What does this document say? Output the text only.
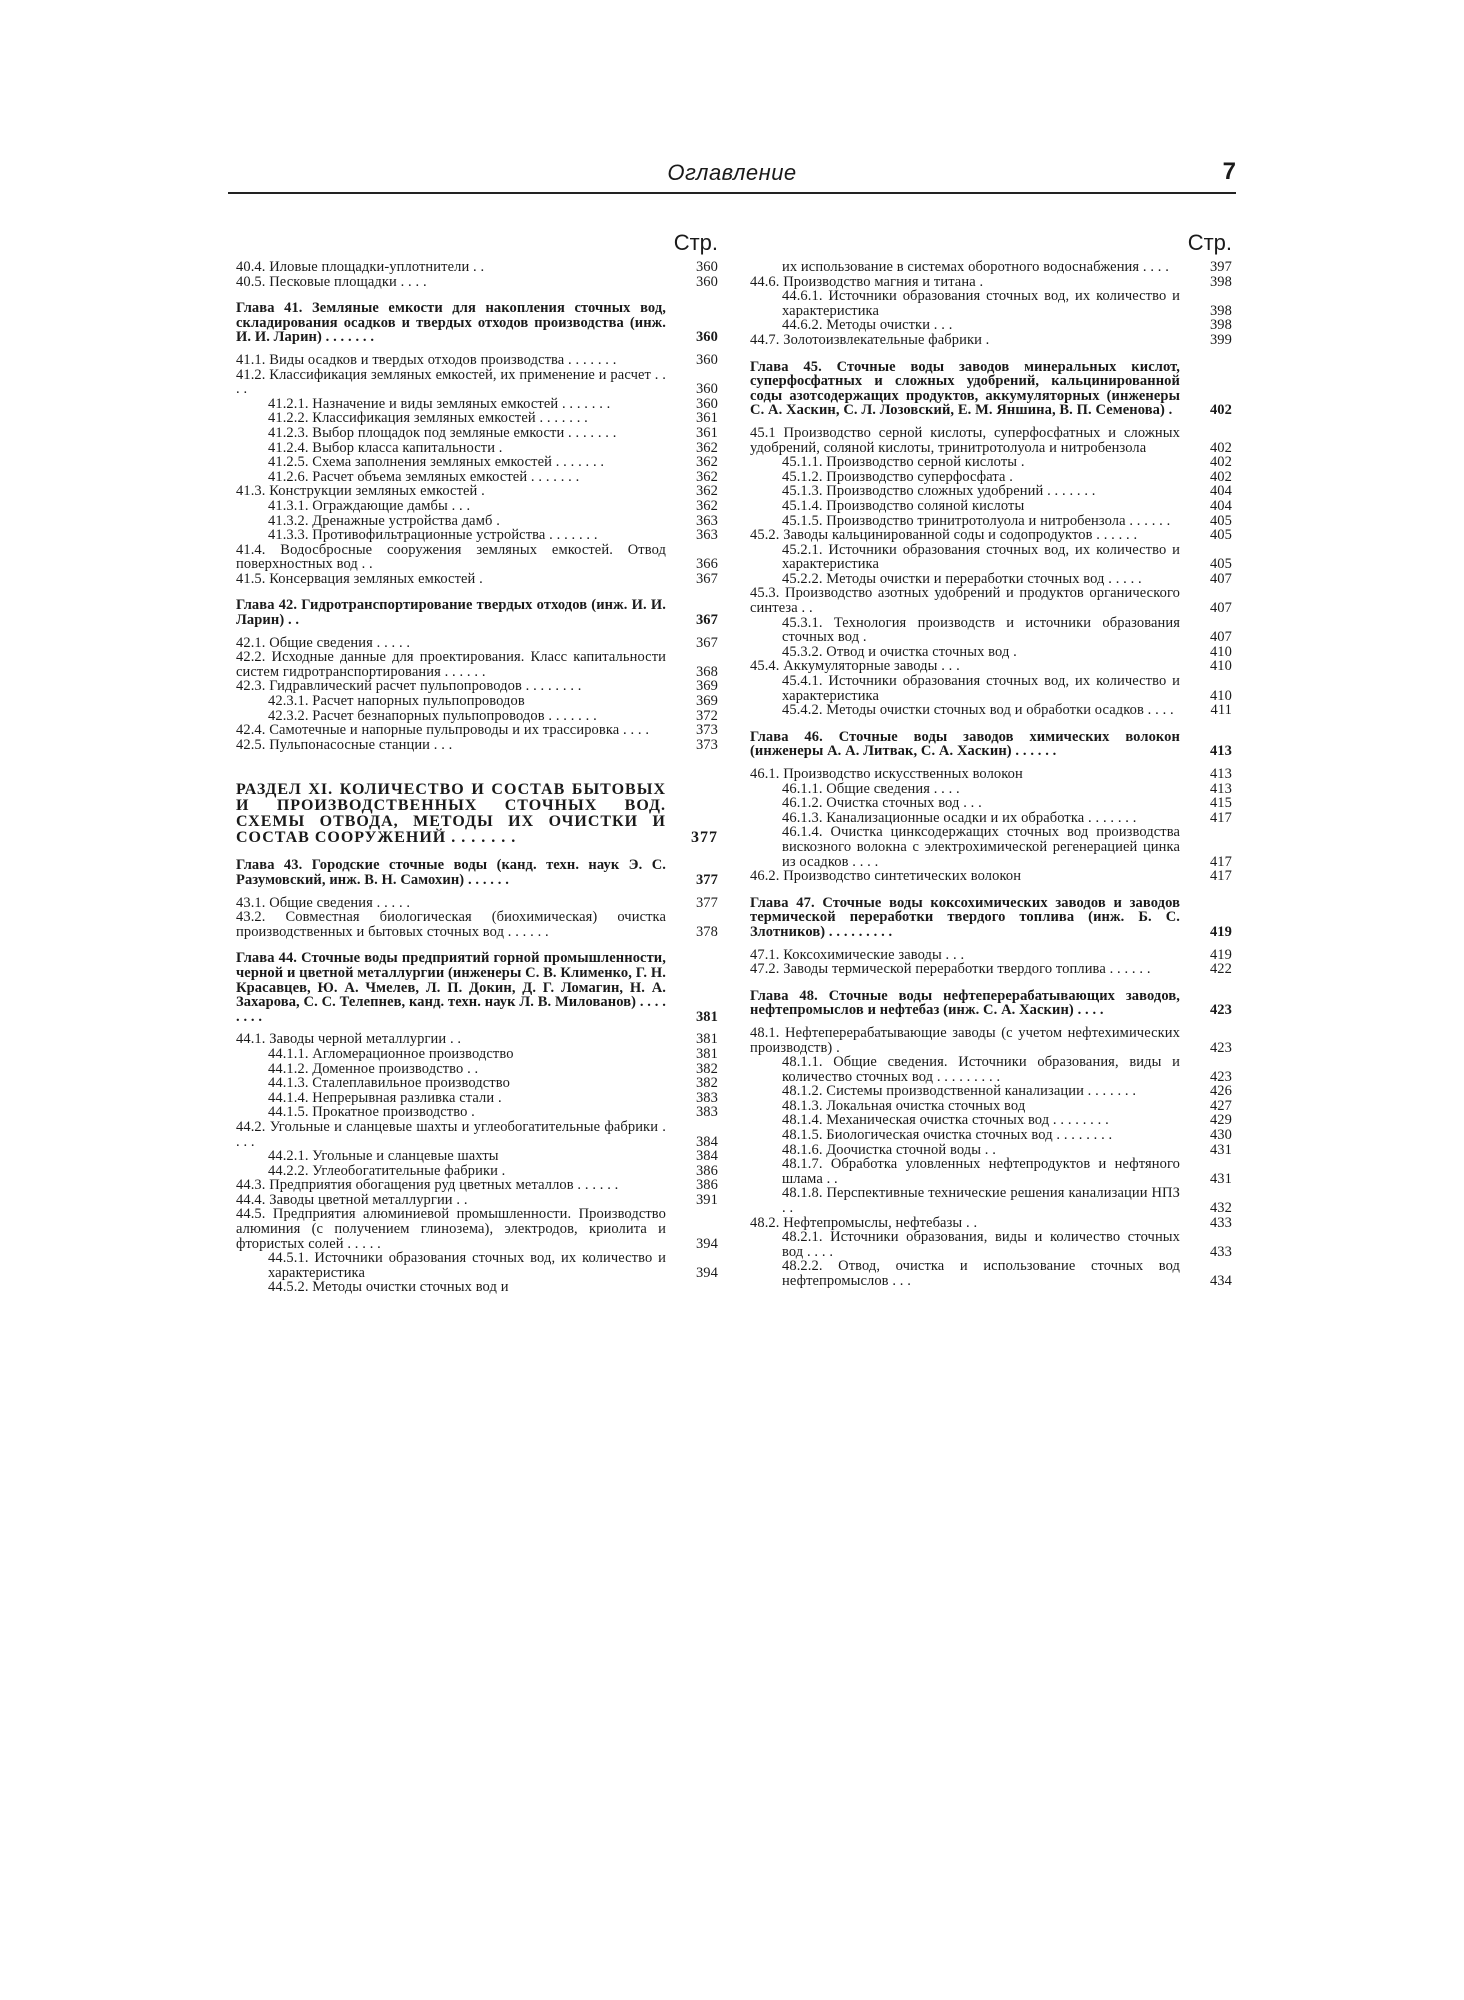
Оглавление	7
Стр.
40.4. Иловые площадки-уплотнители . .	360
40.5. Песковые площадки . . . .	360
Глава 41. Земляные емкости для накопления сточных вод, складирования осадков и твердых отходов производства (инж. И. И. Ларин) . . . . . . .	360
41.1. Виды осадков и твердых отходов производства . . . . . . .	360
41.2. Классификация земляных емкостей, их применение и расчет . . . .	360
41.2.1. Назначение и виды земляных емкостей . . . . . . .	360
41.2.2. Классификация земляных емкостей . . . . . . .	361
41.2.3. Выбор площадок под земляные емкости . . . . . . .	361
41.2.4. Выбор класса капитальности .	362
41.2.5. Схема заполнения земляных емкостей . . . . . . .	362
41.2.6. Расчет объема земляных емкостей . . . . . . .	362
41.3. Конструкции земляных емкостей .	362
41.3.1. Ограждающие дамбы . . .	362
41.3.2. Дренажные устройства дамб .	363
41.3.3. Противофильтрационные устройства . . . . . . .	363
41.4. Водосбросные сооружения земляных емкостей. Отвод поверхностных вод . .	366
41.5. Консервация земляных емкостей .	367
Глава 42. Гидротранспортирование твердых отходов (инж. И. И. Ларин) . .	367
42.1. Общие сведения . . . . .	367
42.2. Исходные данные для проектирования. Класс капитальности систем гидротранспортирования . . . . . .	368
42.3. Гидравлический расчет пульпопроводов . . . . . . . .	369
42.3.1. Расчет напорных пульпопроводов	369
42.3.2. Расчет безнапорных пульпопроводов . . . . . . .	372
42.4. Самотечные и напорные пульпроводы и их трассировка . . . .	373
42.5. Пульпонасосные станции . . .	373
РАЗДЕЛ XI. КОЛИЧЕСТВО И СОСТАВ БЫТОВЫХ И ПРОИЗВОДСТВЕННЫХ СТОЧНЫХ ВОД. СХЕМЫ ОТВОДА, МЕТОДЫ ИХ ОЧИСТКИ И СОСТАВ СООРУЖЕНИЙ . . . . . . .	377
Глава 43. Городские сточные воды (канд. техн. наук Э. С. Разумовский, инж. В. Н. Самохин) . . . . . .	377
43.1. Общие сведения . . . . .	377
43.2. Совместная биологическая (биохимическая) очистка производственных и бытовых сточных вод . . . . . .	378
Глава 44. Сточные воды предприятий горной промышленности, черной и цветной металлургии (инженеры С. В. Клименко, Г. Н. Красавцев, Ю. А. Чмелев, Л. П. Докин, Д. Г. Ломагин, Н. А. Захарова, С. С. Телепнев, канд. техн. наук Л. В. Милованов) . . . . . . . .	381
44.1. Заводы черной металлургии . .	381
44.1.1. Агломерационное производство	381
44.1.2. Доменное производство . .	382
44.1.3. Сталеплавильное производство	382
44.1.4. Непрерывная разливка стали .	383
44.1.5. Прокатное производство .	383
44.2. Угольные и сланцевые шахты и углеобогатительные фабрики . . . .	384
44.2.1. Угольные и сланцевые шахты	384
44.2.2. Углеобогатительные фабрики .	386
44.3. Предприятия обогащения руд цветных металлов . . . . . .	386
44.4. Заводы цветной металлургии . .	391
44.5. Предприятия алюминиевой промышленности. Производство алюминия (с получением глинозема), электродов, криолита и фтористых солей . . . . .	394
44.5.1. Источники образования сточных вод, их количество и характеристика	394
44.5.2. Методы очистки сточных вод и
Стр.
их использование в системах оборотного водоснабжения . . . .	397
44.6. Производство магния и титана .	398
44.6.1. Источники образования сточных вод, их количество и характеристика	398
44.6.2. Методы очистки . . .	398
44.7. Золотоизвлекательные фабрики .	399
Глава 45. Сточные воды заводов минеральных кислот, суперфосфатных и сложных удобрений, кальцинированной соды азотсодержащих продуктов, аккумуляторных (инженеры С. А. Хаскин, С. Л. Лозовский, Е. М. Яншина, В. П. Семенова) .	402
45.1 Производство серной кислоты, суперфосфатных и сложных удобрений, соляной кислоты, тринитротолуола и нитробензола	402
45.1.1. Производство серной кислоты .	402
45.1.2. Производство суперфосфата .	402
45.1.3. Производство сложных удобрений . . . . . . .	404
45.1.4. Производство соляной кислоты	404
45.1.5. Производство тринитротолуола и нитробензола . . . . . .	405
45.2. Заводы кальцинированной соды и содопродуктов . . . . . .	405
45.2.1. Источники образования сточных вод, их количество и характеристика	405
45.2.2. Методы очистки и переработки сточных вод . . . . .	407
45.3. Производство азотных удобрений и продуктов органического синтеза . .	407
45.3.1. Технология производств и источники образования сточных вод .	407
45.3.2. Отвод и очистка сточных вод .	410
45.4. Аккумуляторные заводы . . .	410
45.4.1. Источники образования сточных вод, их количество и характеристика	410
45.4.2. Методы очистки сточных вод и обработки осадков . . . .	411
Глава 46. Сточные воды заводов химических волокон (инженеры А. А. Литвак, С. А. Хаскин) . . . . . .	413
46.1. Производство искусственных волокон	413
46.1.1. Общие сведения . . . .	413
46.1.2. Очистка сточных вод . . .	415
46.1.3. Канализационные осадки и их обработка . . . . . . .	417
46.1.4. Очистка цинксодержащих сточных вод производства вискозного волокна с электрохимической регенерацией цинка из осадков . . . .	417
46.2. Производство синтетических волокон	417
Глава 47. Сточные воды коксохимических заводов и заводов термической переработки твердого топлива (инж. Б. С. Злотников) . . . . . . . . .	419
47.1. Коксохимические заводы . . .	419
47.2. Заводы термической переработки твердого топлива . . . . . .	422
Глава 48. Сточные воды нефтеперерабатывающих заводов, нефтепромыслов и нефтебаз (инж. С. А. Хаскин) . . . .	423
48.1. Нефтеперерабатывающие заводы (с учетом нефтехимических производств) .	423
48.1.1. Общие сведения. Источники образования, виды и количество сточных вод . . . . . . . . .	423
48.1.2. Системы производственной канализации . . . . . . .	426
48.1.3. Локальная очистка сточных вод	427
48.1.4. Механическая очистка сточных вод . . . . . . . .	429
48.1.5. Биологическая очистка сточных вод . . . . . . . .	430
48.1.6. Доочистка сточной воды . .	431
48.1.7. Обработка уловленных нефтепродуктов и нефтяного шлама . .	431
48.1.8. Перспективные технические решения канализации НПЗ . .	432
48.2. Нефтепромыслы, нефтебазы . .	433
48.2.1. Источники образования, виды и количество сточных вод . . . .	433
48.2.2. Отвод, очистка и использование сточных вод нефтепромыслов . . .	434
